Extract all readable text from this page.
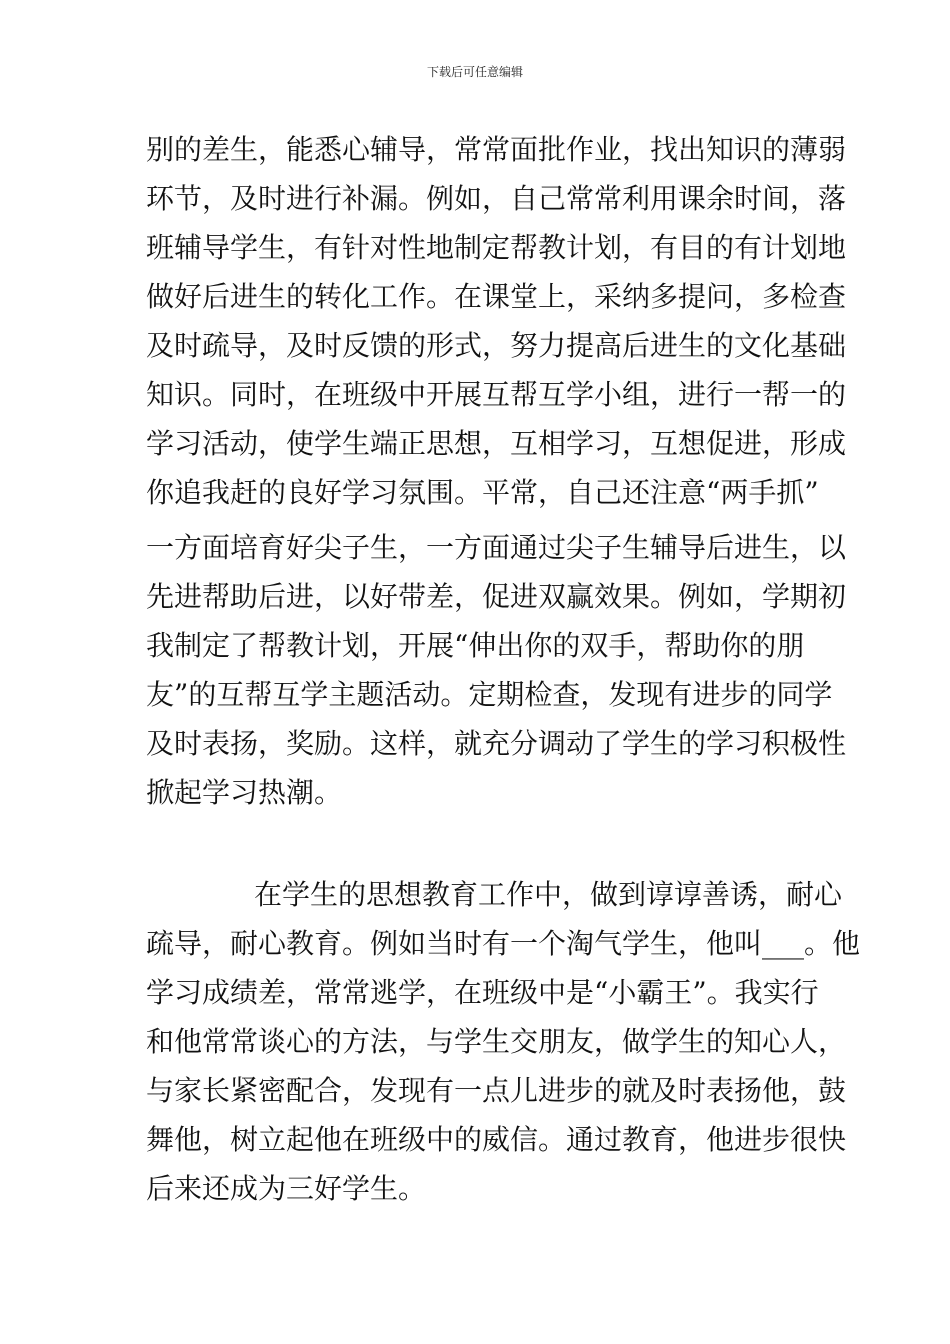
下载后可任意编辑
别的差生，能悉心辅导，常常面批作业，找出知识的薄弱
环节，及时进行补漏。例如，自己常常利用课余时间，落
班辅导学生，有针对性地制定帮教计划，有目的有计划地
做好后进生的转化工作。在课堂上，采纳多提问，多检查
及时疏导，及时反馈的形式，努力提高后进生的文化基础
知识。同时，在班级中开展互帮互学小组，进行一帮一的
学习活动，使学生端正思想，互相学习，互想促进，形成
你追我赶的良好学习氛围。平常，自己还注意“两手抓”
一方面培育好尖子生，一方面通过尖子生辅导后进生，以
先进帮助后进，以好带差，促进双赢效果。例如，学期初
我制定了帮教计划，开展“伸出你的双手，帮助你的朋
友”的互帮互学主题活动。定期检查，发现有进步的同学
及时表扬，奖励。这样，就充分调动了学生的学习积极性
掀起学习热潮。
在学生的思想教育工作中，做到谆谆善诱，耐心
疏导，耐心教育。例如当时有一个淘气学生，他叫___。他
学习成绩差，常常逃学，在班级中是“小霸王”。我实行
和他常常谈心的方法，与学生交朋友，做学生的知心人，
与家长紧密配合，发现有一点儿进步的就及时表扬他，鼓
舞他，树立起他在班级中的威信。通过教育，他进步很快
后来还成为三好学生。
